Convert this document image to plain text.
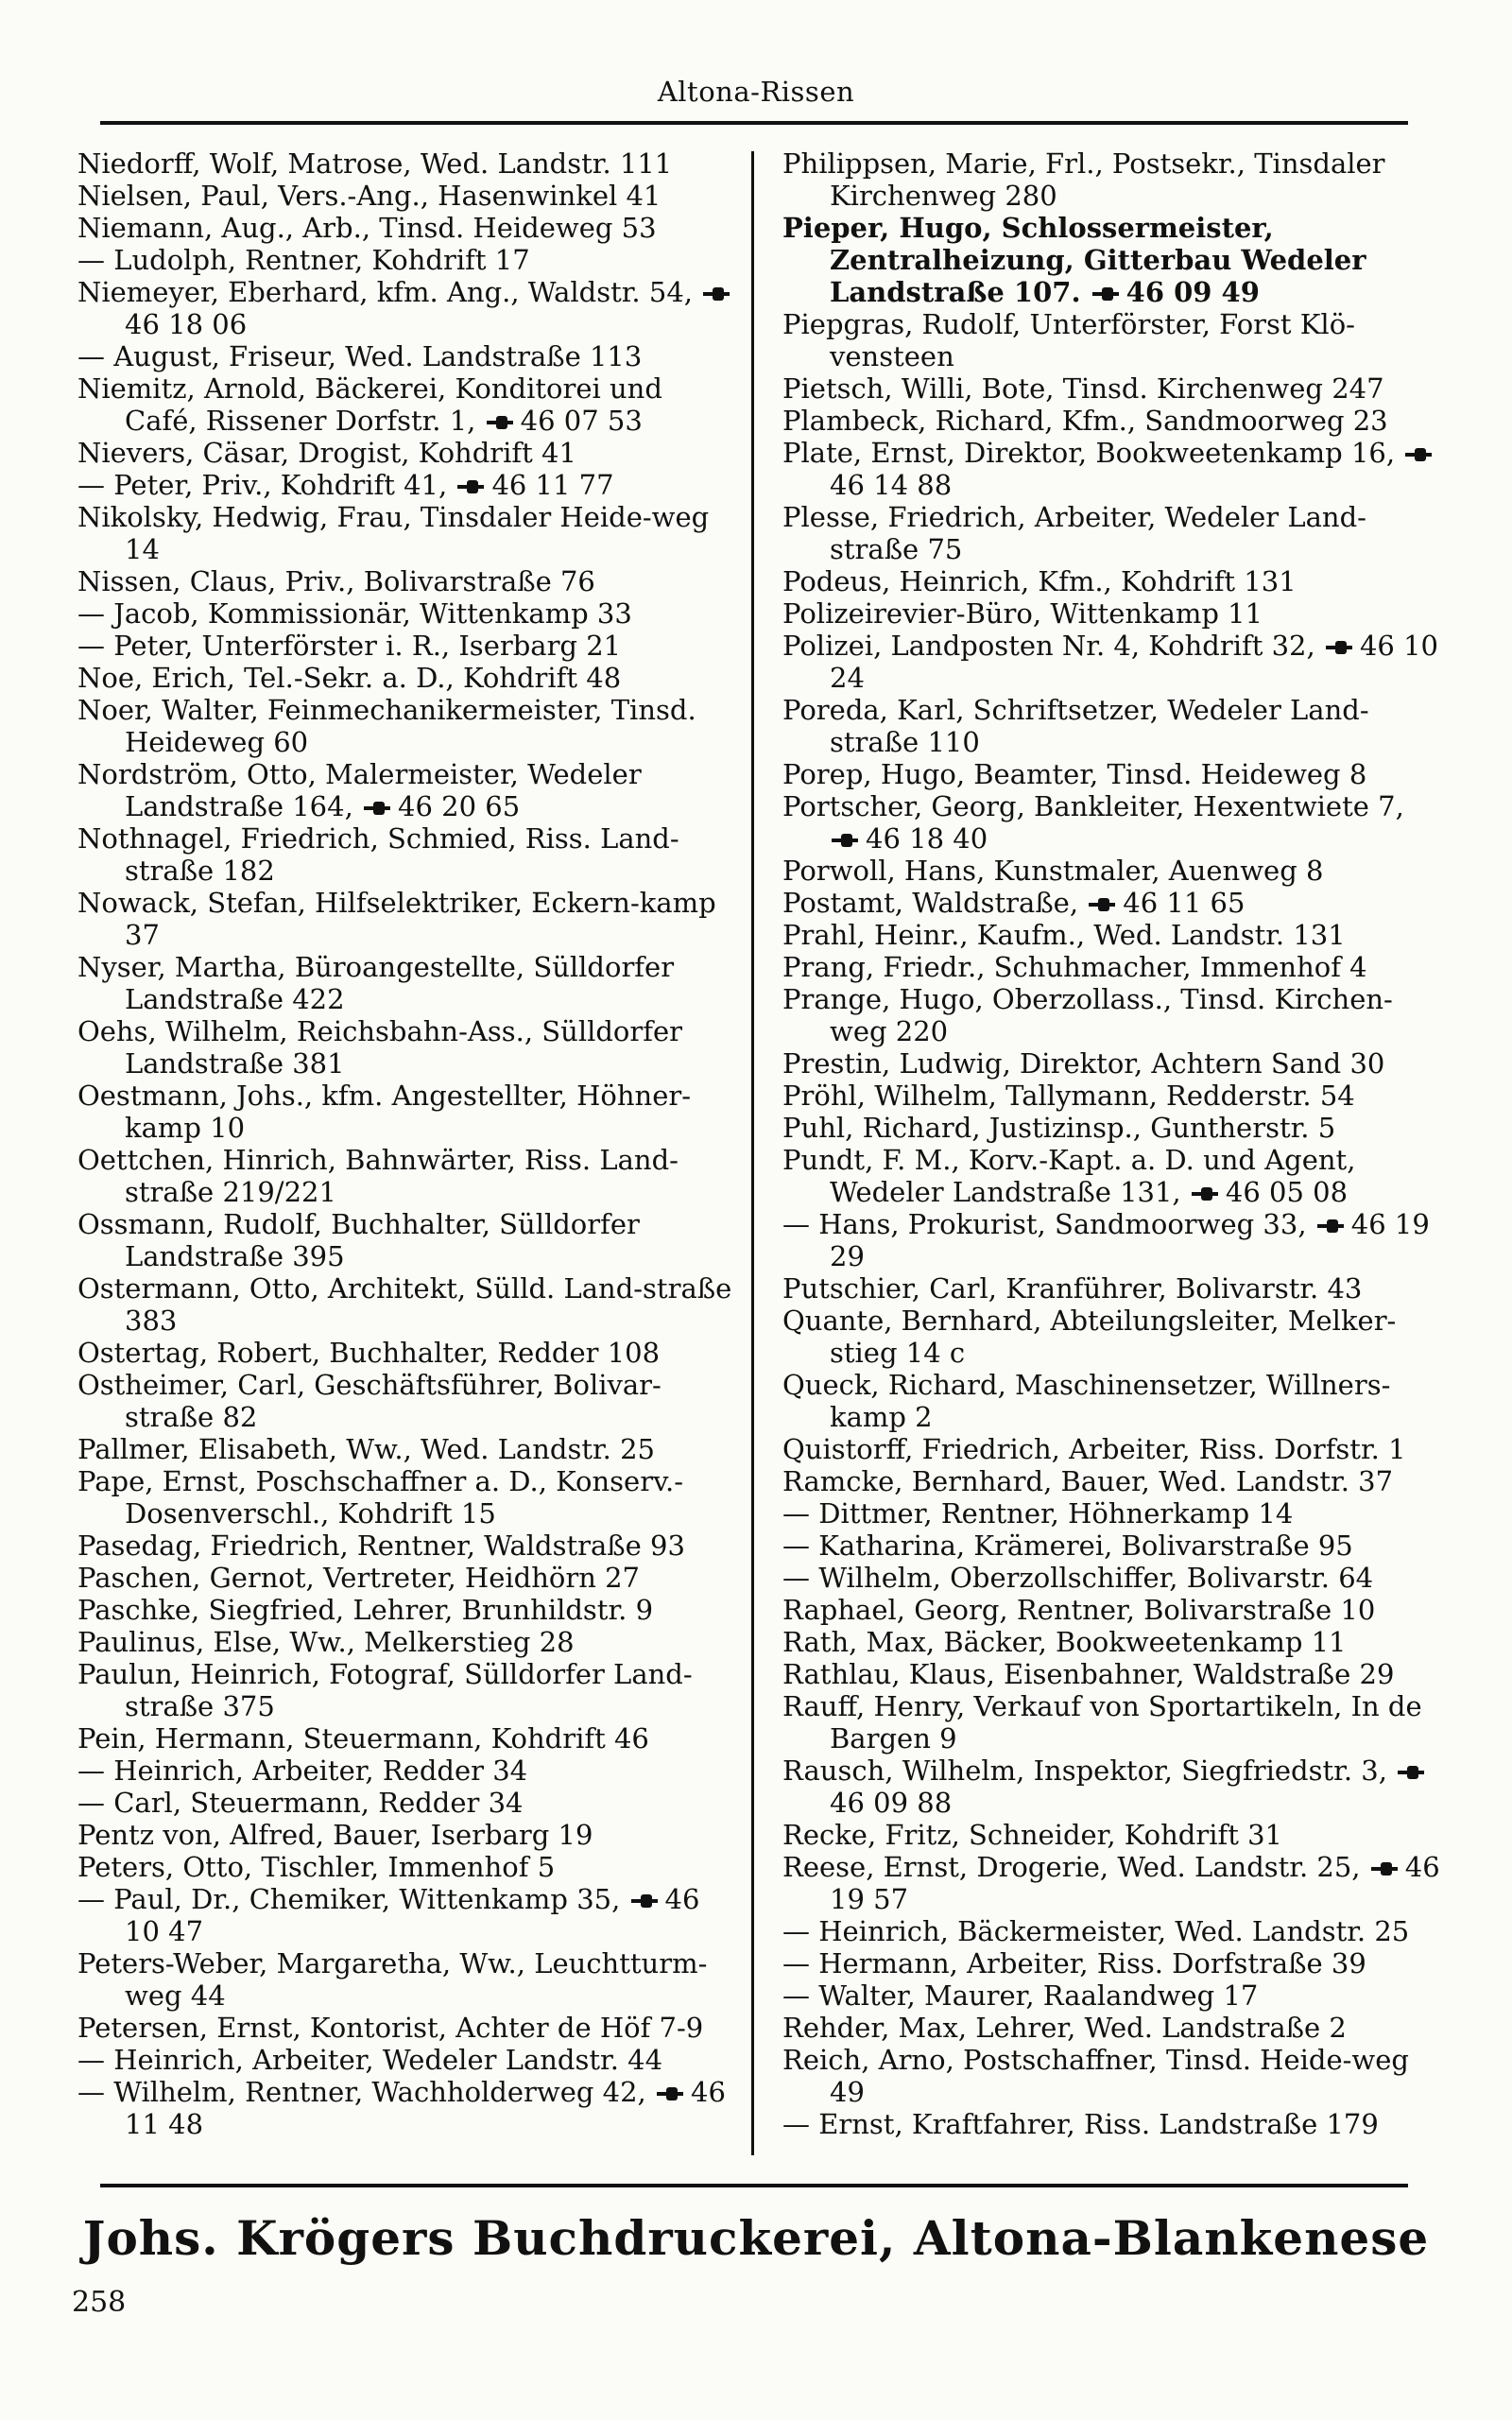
Altona-Rissen
Niedorff, Wolf, Matrose, Wed. Landstr. 111
Nielsen, Paul, Vers.-Ang., Hasenwinkel 41
Niemann, Aug., Arb., Tinsd. Heideweg 53
— Ludolph, Rentner, Kohdrift 17
Niemeyer, Eberhard, kfm. Ang., Waldstr. 54, 46 18 06
— August, Friseur, Wed. Landstraße 113
Niemitz, Arnold, Bäckerei, Konditorei und Café, Rissener Dorfstr. 1, 46 07 53
Nievers, Cäsar, Drogist, Kohdrift 41
— Peter, Priv., Kohdrift 41, 46 11 77
Nikolsky, Hedwig, Frau, Tinsdaler Heide-weg 14
Nissen, Claus, Priv., Bolivarstraße 76
— Jacob, Kommissionär, Wittenkamp 33
— Peter, Unterförster i. R., Iserbarg 21
Noe, Erich, Tel.-Sekr. a. D., Kohdrift 48
Noer, Walter, Feinmechanikermeister, Tinsd. Heideweg 60
Nordström, Otto, Malermeister, Wedeler Landstraße 164, 46 20 65
Nothnagel, Friedrich, Schmied, Riss. Land-straße 182
Nowack, Stefan, Hilfselektriker, Eckern-kamp 37
Nyser, Martha, Büroangestellte, Sülldorfer Landstraße 422
Oehs, Wilhelm, Reichsbahn-Ass., Sülldorfer Landstraße 381
Oestmann, Johs., kfm. Angestellter, Höhner-kamp 10
Oettchen, Hinrich, Bahnwärter, Riss. Land-straße 219/221
Ossmann, Rudolf, Buchhalter, Sülldorfer Landstraße 395
Ostermann, Otto, Architekt, Sülld. Land-straße 383
Ostertag, Robert, Buchhalter, Redder 108
Ostheimer, Carl, Geschäftsführer, Bolivar-straße 82
Pallmer, Elisabeth, Ww., Wed. Landstr. 25
Pape, Ernst, Poschschaffner a. D., Konserv.-Dosenverschl., Kohdrift 15
Pasedag, Friedrich, Rentner, Waldstraße 93
Paschen, Gernot, Vertreter, Heidhörn 27
Paschke, Siegfried, Lehrer, Brunhildstr. 9
Paulinus, Else, Ww., Melkerstieg 28
Paulun, Heinrich, Fotograf, Sülldorfer Land-straße 375
Pein, Hermann, Steuermann, Kohdrift 46
— Heinrich, Arbeiter, Redder 34
— Carl, Steuermann, Redder 34
Pentz von, Alfred, Bauer, Iserbarg 19
Peters, Otto, Tischler, Immenhof 5
— Paul, Dr., Chemiker, Wittenkamp 35, 46 10 47
Peters-Weber, Margaretha, Ww., Leuchtturm-weg 44
Petersen, Ernst, Kontorist, Achter de Höf 7-9
— Heinrich, Arbeiter, Wedeler Landstr. 44
— Wilhelm, Rentner, Wachholderweg 42, 46 11 48
Philippsen, Marie, Frl., Postsekr., Tinsdaler Kirchenweg 280
Pieper, Hugo, Schlossermeister, Zentralheizung, Gitterbau Wedeler Landstraße 107. 46 09 49
Piepgras, Rudolf, Unterförster, Forst Klö-vensteen
Pietsch, Willi, Bote, Tinsd. Kirchenweg 247
Plambeck, Richard, Kfm., Sandmoorweg 23
Plate, Ernst, Direktor, Bookweetenkamp 16, 46 14 88
Plesse, Friedrich, Arbeiter, Wedeler Land-straße 75
Podeus, Heinrich, Kfm., Kohdrift 131
Polizeirevier-Büro, Wittenkamp 11
Polizei, Landposten Nr. 4, Kohdrift 32, 46 10 24
Poreda, Karl, Schriftsetzer, Wedeler Land-straße 110
Porep, Hugo, Beamter, Tinsd. Heideweg 8
Portscher, Georg, Bankleiter, Hexentwiete 7, 46 18 40
Porwoll, Hans, Kunstmaler, Auenweg 8
Postamt, Waldstraße, 46 11 65
Prahl, Heinr., Kaufm., Wed. Landstr. 131
Prang, Friedr., Schuhmacher, Immenhof 4
Prange, Hugo, Oberzollass., Tinsd. Kirchen-weg 220
Prestin, Ludwig, Direktor, Achtern Sand 30
Pröhl, Wilhelm, Tallymann, Redderstr. 54
Puhl, Richard, Justizinsp., Guntherstr. 5
Pundt, F. M., Korv.-Kapt. a. D. und Agent, Wedeler Landstraße 131, 46 05 08
— Hans, Prokurist, Sandmoorweg 33, 46 19 29
Putschier, Carl, Kranführer, Bolivarstr. 43
Quante, Bernhard, Abteilungsleiter, Melker-stieg 14 c
Queck, Richard, Maschinensetzer, Willners-kamp 2
Quistorff, Friedrich, Arbeiter, Riss. Dorfstr. 1
Ramcke, Bernhard, Bauer, Wed. Landstr. 37
— Dittmer, Rentner, Höhnerkamp 14
— Katharina, Krämerei, Bolivarstraße 95
— Wilhelm, Oberzollschiffer, Bolivarstr. 64
Raphael, Georg, Rentner, Bolivarstraße 10
Rath, Max, Bäcker, Bookweetenkamp 11
Rathlau, Klaus, Eisenbahner, Waldstraße 29
Rauff, Henry, Verkauf von Sportartikeln, In de Bargen 9
Rausch, Wilhelm, Inspektor, Siegfriedstr. 3, 46 09 88
Recke, Fritz, Schneider, Kohdrift 31
Reese, Ernst, Drogerie, Wed. Landstr. 25, 46 19 57
— Heinrich, Bäckermeister, Wed. Landstr. 25
— Hermann, Arbeiter, Riss. Dorfstraße 39
— Walter, Maurer, Raalandweg 17
Rehder, Max, Lehrer, Wed. Landstraße 2
Reich, Arno, Postschaffner, Tinsd. Heide-weg 49
— Ernst, Kraftfahrer, Riss. Landstraße 179
Johs. Krögers Buchdruckerei, Altona-Blankenese
258
